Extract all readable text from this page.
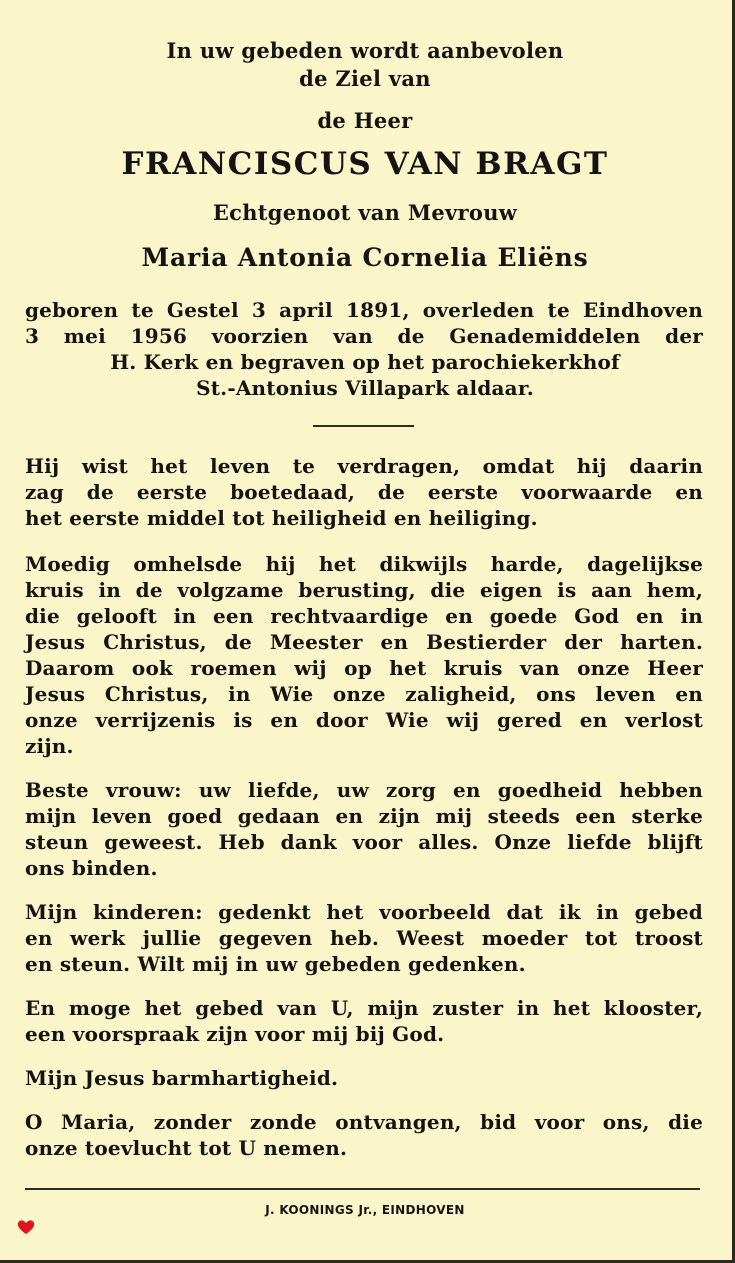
In uw gebeden wordt aanbevolen
de Ziel van
de Heer
FRANCISCUS VAN BRAGT
Echtgenoot van Mevrouw
Maria Antonia Cornelia Eliëns
geboren te Gestel 3 april 1891, overleden te Eindhoven
3 mei 1956 voorzien van de Genademiddelen der
H. Kerk en begraven op het parochiekerkhof
St.-Antonius Villapark aldaar.
Hij wist het leven te verdragen, omdat hij daarin
zag de eerste boetedaad, de eerste voorwaarde en
het eerste middel tot heiligheid en heiliging.
Moedig omhelsde hij het dikwijls harde, dagelijkse
kruis in de volgzame berusting, die eigen is aan hem,
die gelooft in een rechtvaardige en goede God en in
Jesus Christus, de Meester en Bestierder der harten.
Daarom ook roemen wij op het kruis van onze Heer
Jesus Christus, in Wie onze zaligheid, ons leven en
onze verrijzenis is en door Wie wij gered en verlost
zijn.
Beste vrouw: uw liefde, uw zorg en goedheid hebben
mijn leven goed gedaan en zijn mij steeds een sterke
steun geweest. Heb dank voor alles. Onze liefde blijft
ons binden.
Mijn kinderen: gedenkt het voorbeeld dat ik in gebed
en werk jullie gegeven heb. Weest moeder tot troost
en steun. Wilt mij in uw gebeden gedenken.
En moge het gebed van U, mijn zuster in het klooster,
een voorspraak zijn voor mij bij God.
Mijn Jesus barmhartigheid.
O Maria, zonder zonde ontvangen, bid voor ons, die
onze toevlucht tot U nemen.
J. KOONINGS Jr., EINDHOVEN
